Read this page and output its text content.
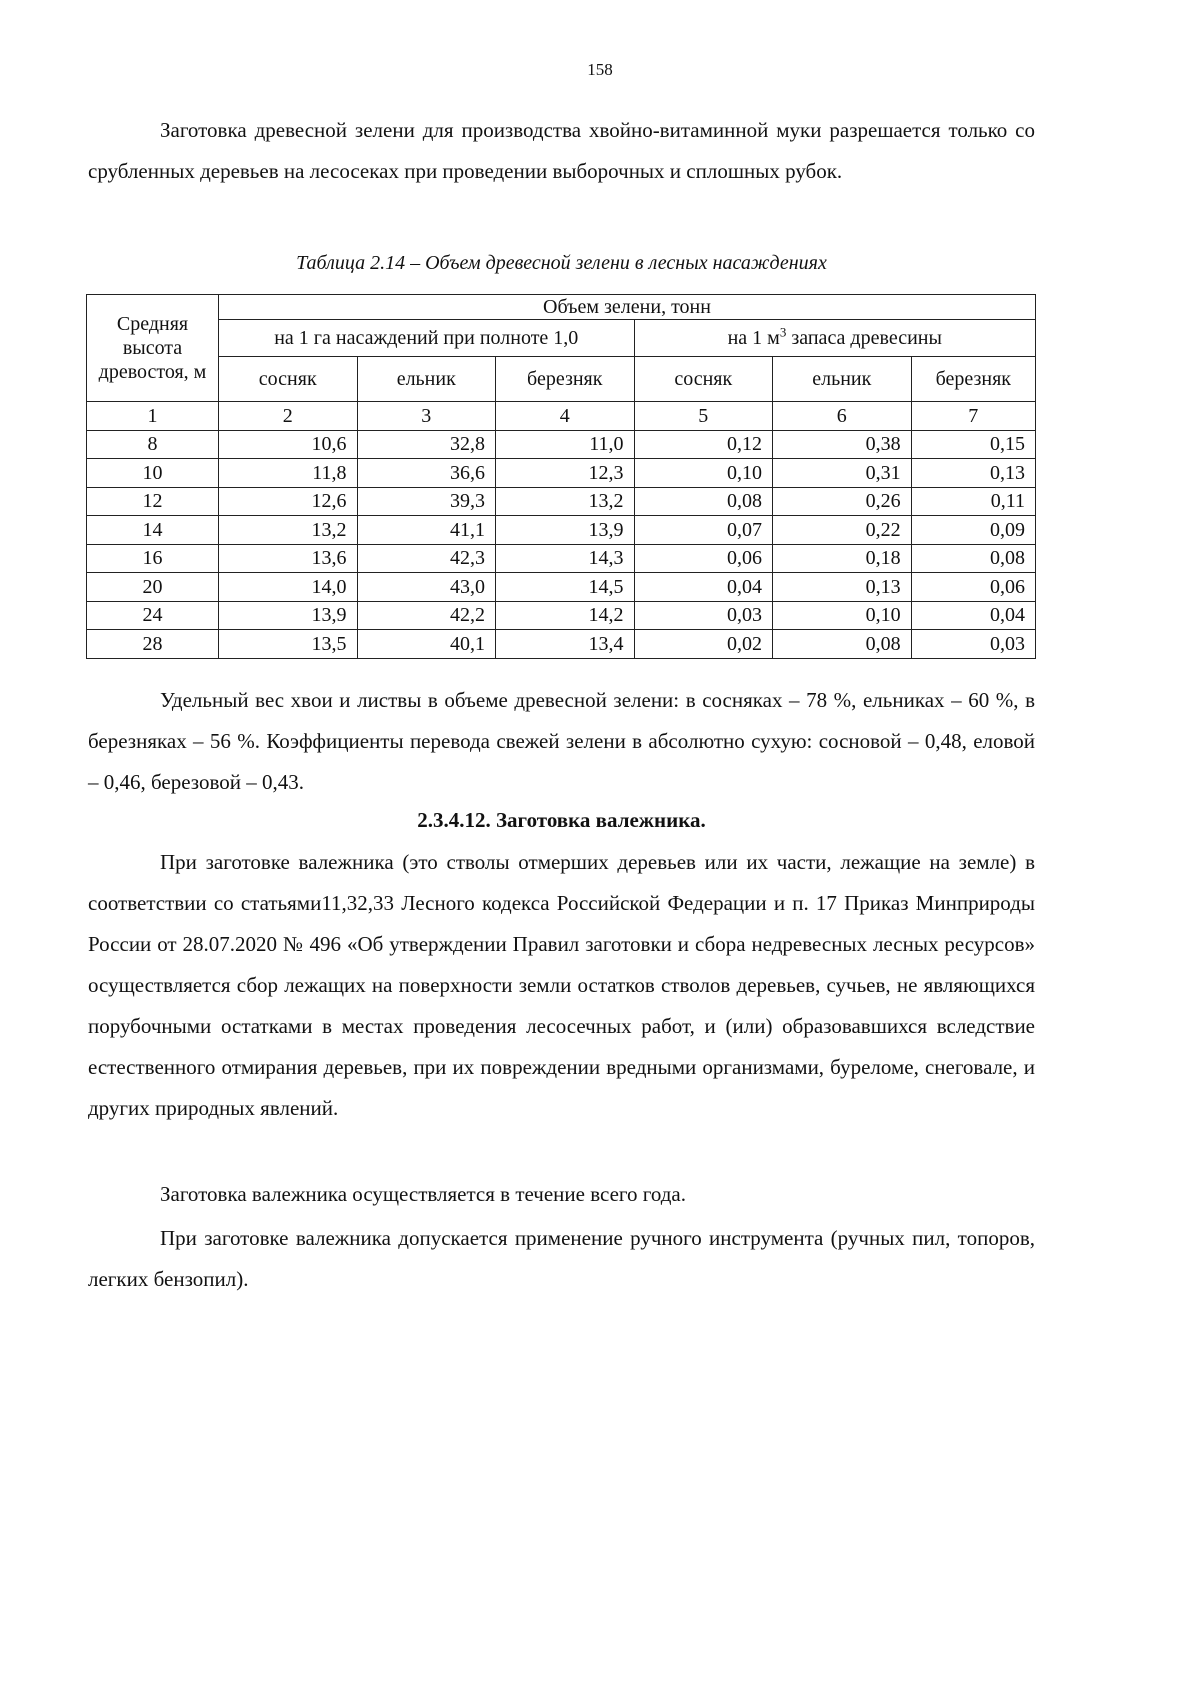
158

Заготовка древесной зелени для производства хвойно-витаминной муки разрешается только со срубленных деревьев на лесосеках при проведении выборочных и сплошных рубок.

Таблица 2.14 – Объем древесной зелени в лесных насаждениях
Средняя высота древостоя, м	Объем зелени, тонн					
	на 1 га насаждений при полноте 1,0			на 1 $м^3$ запаса древесины		
	сосняк	ельник	березняк	сосняк	ельник	березняк
1	2	3	4	5	6	7
8	10,6	32,8	11,0	0,12	0,38	0,15
10	11,8	36,6	12,3	0,10	0,31	0,13
12	12,6	39,3	13,2	0,08	0,26	0,11
14	13,2	41,1	13,9	0,07	0,22	0,09
16	13,6	42,3	14,3	0,06	0,18	0,08
20	14,0	43,0	14,5	0,04	0,13	0,06
24	13,9	42,2	14,2	0,03	0,10	0,04
28	13,5	40,1	13,4	0,02	0,08	0,03

Удельный вес хвои и листвы в объеме древесной зелени: в сосняках – 78 %, ельниках – 60 %, в березняках – 56 %. Коэффициенты перевода свежей зелени в абсолютно сухую: сосновой – 0,48, еловой – 0,46, березовой – 0,43.

2.3.4.12. Заготовка валежника.

При заготовке валежника (это стволы отмерших деревьев или их части, лежащие на земле) в соответствии со статьями11,32,33 Лесного кодекса Российской Федерации и п. 17 Приказ Минприроды России от 28.07.2020 № 496 «Об утверждении Правил заготовки и сбора недревесных лесных ресурсов» осуществляется сбор лежащих на поверхности земли остатков стволов деревьев, сучьев, не являющихся порубочными остатками в местах проведения лесосечных работ, и (или) образовавшихся вследствие естественного отмирания деревьев, при их повреждении вредными организмами, буреломе, снеговале, и других природных явлений.

Заготовка валежника осуществляется в течение всего года.

При заготовке валежника допускается применение ручного инструмента (ручных пил, топоров, легких бензопил).
